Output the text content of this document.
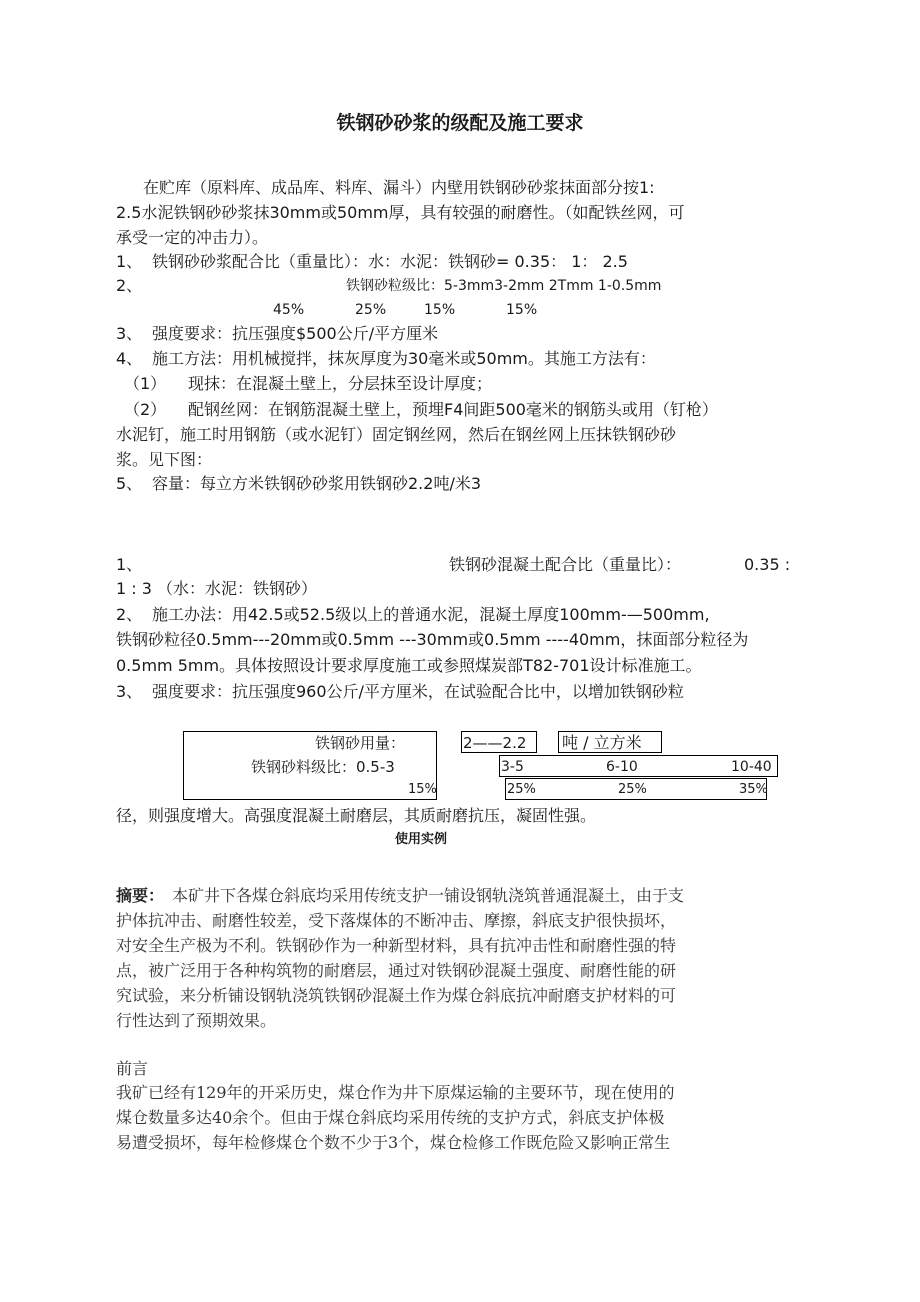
铁钢砂砂浆的级配及施工要求
在贮库（原料库、成品库、料库、漏斗）内壁用铁钢砂砂浆抹面部分按1:
2.5水泥铁钢砂砂浆抹30mm或50mm厚，具有较强的耐磨性。（如配铁丝网，可
承受一定的冲击力）。
1、 铁钢砂砂浆配合比（重量比）：水：水泥：铁钢砂= 0.35： 1： 2.5
2、	铁钢砂粒级比：5-3mm3-2mm 2Tmm 1-0.5mm
45%	25%	15%	15%
3、 强度要求：抗压强度$500公斤/平方厘米
4、 施工方法：用机械搅拌，抹灰厚度为30毫米或50mm。其施工方法有：
（1） 现抹：在混凝土壁上，分层抹至设计厚度；
（2） 配钢丝网：在钢筋混凝土壁上，预埋F4间距500毫米的钢筋头或用（钉枪）
水泥钉，施工时用钢筋（或水泥钉）固定钢丝网，然后在钢丝网上压抹铁钢砂砂
浆。见下图：
5、 容量：每立方米铁钢砂砂浆用铁钢砂2.2吨/米3
1、	铁钢砂混凝土配合比（重量比）：	0.35 :
1 : 3 （水：水泥：铁钢砂）
2、 施工办法：用42.5或52.5级以上的普通水泥，混凝土厚度100mm-—500mm,
铁钢砂粒径0.5mm---20mm或0.5mm ---30mm或0.5mm ----40mm，抹面部分粒径为
0.5mm 5mm。具体按照设计要求厚度施工或参照煤炭部T82-701设计标准施工。
3、 强度要求：抗压强度960公斤/平方厘米，在试验配合比中，以增加铁钢砂粒
铁钢砂用量：	2——2.2 吨 / 立方米
铁钢砂料级比：0.5-3	3-5	6-10	10-40
15%	25%	25%	35%
径，则强度增大。高强度混凝土耐磨层，其质耐磨抗压，凝固性强。
使用实例
摘要： 本矿井下各煤仓斜底均采用传统支护一铺设钢轨浇筑普通混凝土，由于支
护体抗冲击、耐磨性较差，受下落煤体的不断冲击、摩擦，斜底支护很快损坏，
对安全生产极为不利。铁钢砂作为一种新型材料，具有抗冲击性和耐磨性强的特
点，被广泛用于各种构筑物的耐磨层，通过对铁钢砂混凝土强度、耐磨性能的研
究试验，来分析铺设钢轨浇筑铁钢砂混凝土作为煤仓斜底抗冲耐磨支护材料的可
行性达到了预期效果。
前言
我矿已经有129年的开采历史，煤仓作为井下原煤运输的主要环节，现在使用的
煤仓数量多达40余个。但由于煤仓斜底均采用传统的支护方式，斜底支护体极
易遭受损坏，每年检修煤仓个数不少于3个，煤仓检修工作既危险又影响正常生
